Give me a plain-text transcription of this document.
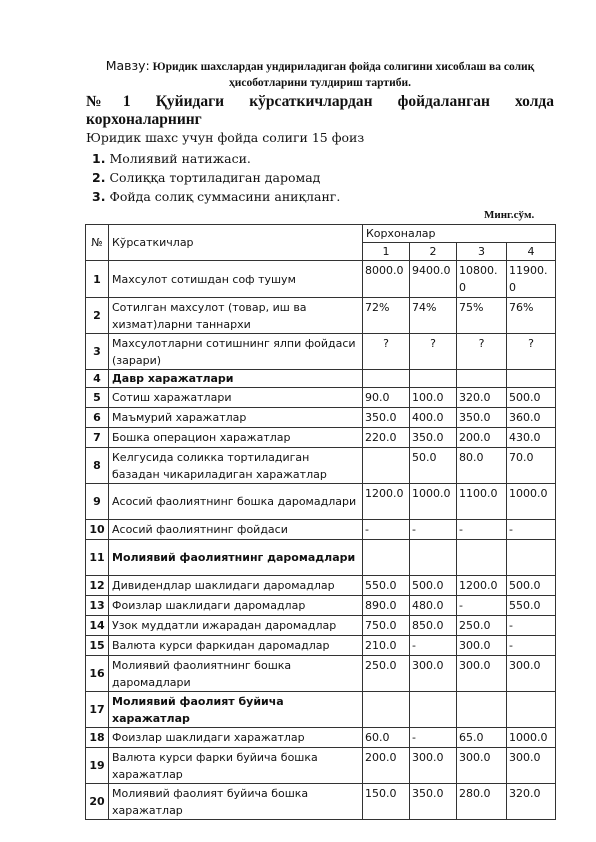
Мавзу: Юридик шахслардан ундириладиган фойда солигини хисоблаш ва солиқ ҳисоботларини тулдириш тартиби.
№1 Қуйидаги кўрсаткичлардан фойдаланган холда
корхоналарнинг
Юридик шахс учун фойда солиги 15 фоиз
1. Молиявий натижаси.
2. Солиққа тортиладиган даромад
3. Фойда солиқ суммасини аниқланг.
Минг.сўм.
№	Кўрсаткичлар	Корхоналар			
		1	2	3	4
1	Махсулот сотишдан соф тушум	8000.0	9400.0	10800.0	11900.0

2	Сотилган махсулот (товар, иш ва хизмат)ларни таннархи	72%	74%	75%	76%
3	Махсулотларни сотишнинг ялпи фойдаси (зарари)	?	?	?	?
4	Давр харажатлари				
5	Сотиш харажатлари	90.0	100.0	320.0	500.0
6	Маъмурий харажатлар	350.0	400.0	350.0	360.0
7	Бошка операцион харажатлар	220.0	350.0	200.0	430.0
8	Келгусида соликка тортиладиган базадан чикариладиган харажатлар		50.0	80.0	70.0
9	Асосий фаолиятнинг бошка даромадлари	1200.0	1000.0	1100.0	1000.0

10	Асосий фаолиятнинг фойдаси	-	-	-	-
11	Молиявий фаолиятнинг даромадлари				
12	Дивидендлар шаклидаги даромадлар	550.0	500.0	1200.0	500.0
13	Фоизлар шаклидаги даромадлар	890.0	480.0	-	550.0
14	Узок муддатли ижарадан даромадлар	750.0	850.0	250.0	-
15	Валюта курси фаркидан даромадлар	210.0	-	300.0	-
16	Молиявий фаолиятнинг бошка даромадлари	250.0	300.0	300.0	300.0
17	Молиявий фаолият буйича харажатлар				
18	Фоизлар шаклидаги харажатлар	60.0	-	65.0	1000.0
19	Валюта курси фарки буйича бошка харажатлар	200.0	300.0	300.0	300.0
20	Молиявий фаолият буйича бошка харажатлар	150.0	350.0	280.0	320.0
